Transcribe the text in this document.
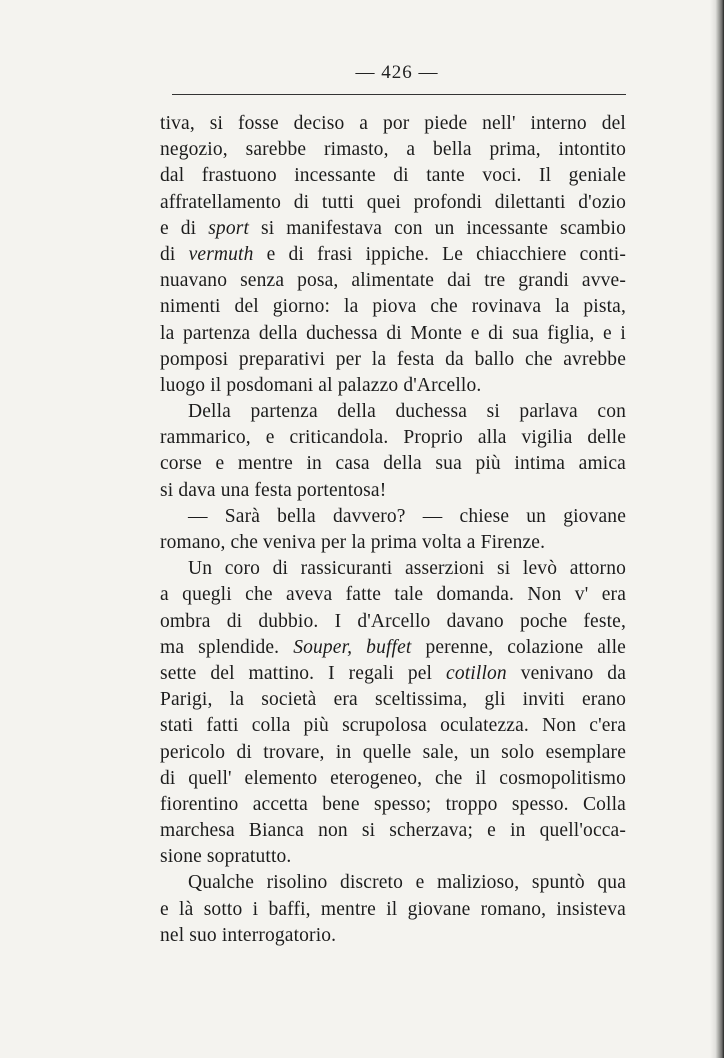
— 426 —
tiva, si fosse deciso a por piede nell' interno del
negozio, sarebbe rimasto, a bella prima, intontito
dal frastuono incessante di tante voci. Il geniale
affratellamento di tutti quei profondi dilettanti d'ozio
e di sport si manifestava con un incessante scambio
di vermuth e di frasi ippiche. Le chiacchiere conti-
nuavano senza posa, alimentate dai tre grandi avve-
nimenti del giorno: la piova che rovinava la pista,
la partenza della duchessa di Monte e di sua figlia, e i
pomposi preparativi per la festa da ballo che avrebbe
luogo il posdomani al palazzo d'Arcello.
Della partenza della duchessa si parlava con
rammarico, e criticandola. Proprio alla vigilia delle
corse e mentre in casa della sua più intima amica
si dava una festa portentosa!
— Sarà bella davvero? — chiese un giovane
romano, che veniva per la prima volta a Firenze.
Un coro di rassicuranti asserzioni si levò attorno
a quegli che aveva fatte tale domanda. Non v' era
ombra di dubbio. I d'Arcello davano poche feste,
ma splendide. Souper, buffet perenne, colazione alle
sette del mattino. I regali pel cotillon venivano da
Parigi, la società era sceltissima, gli inviti erano
stati fatti colla più scrupolosa oculatezza. Non c'era
pericolo di trovare, in quelle sale, un solo esemplare
di quell' elemento eterogeneo, che il cosmopolitismo
fiorentino accetta bene spesso; troppo spesso. Colla
marchesa Bianca non si scherzava; e in quell'occa-
sione sopratutto.
Qualche risolino discreto e malizioso, spuntò qua
e là sotto i baffi, mentre il giovane romano, insisteva
nel suo interrogatorio.
